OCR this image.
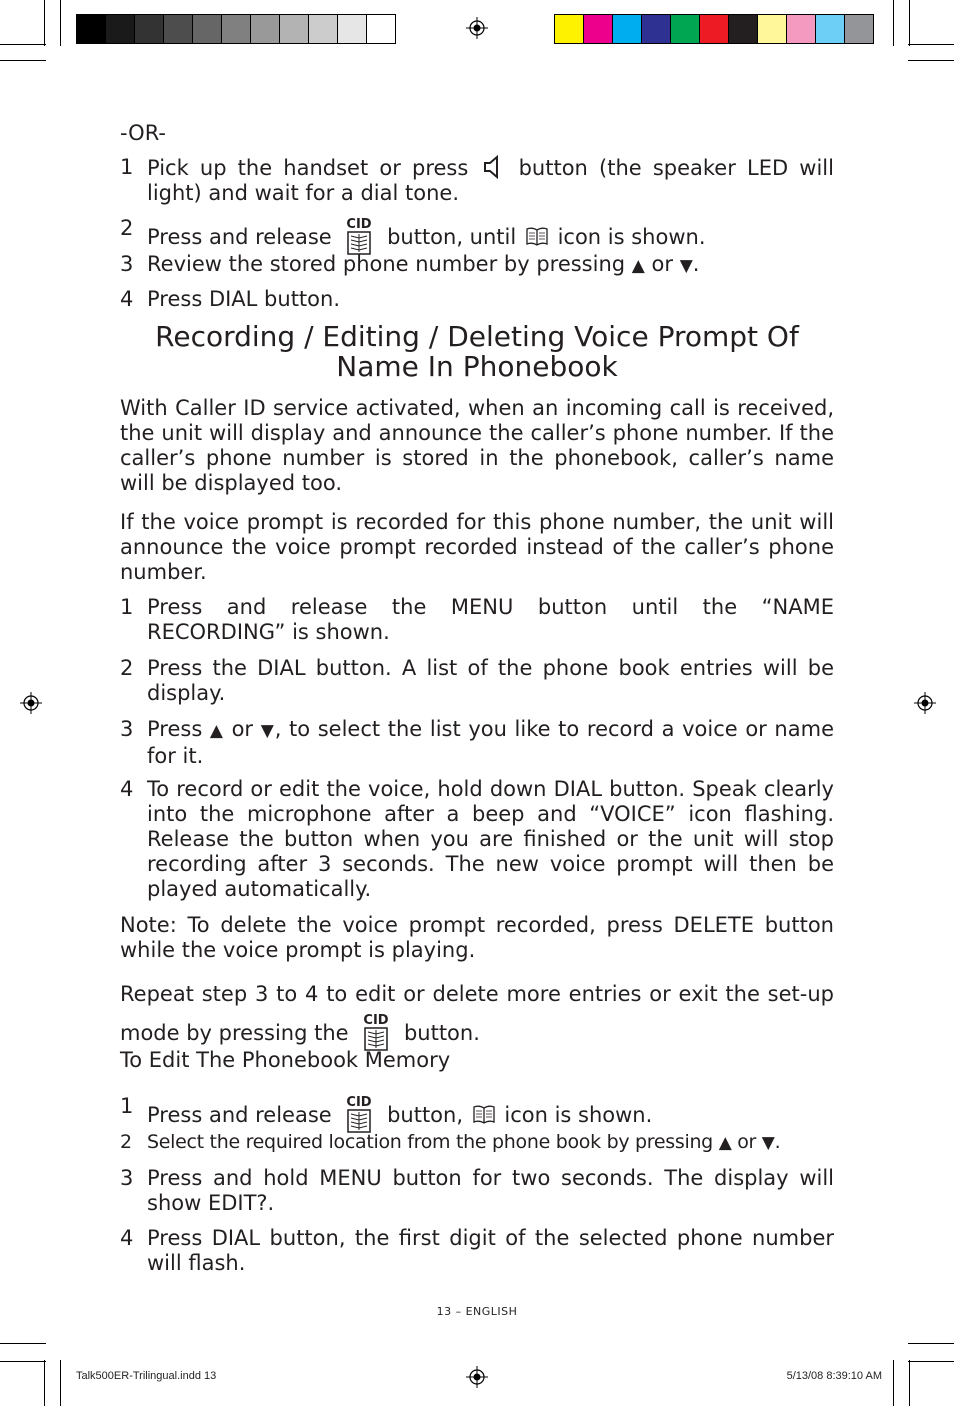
-OR-
1 Pick up the handset or press  button (the speaker LED will light) and wait for a dial tone.
2 Press and release
CID
button, until  icon is shown.
3 Review the stored phone number by pressing ▲ or ▼.
4 Press DIAL button.
Recording / Editing / Deleting Voice Prompt Of Name In Phonebook
With Caller ID service activated, when an incoming call is received, the unit will display and announce the caller’s phone number. If the caller’s phone number is stored in the phonebook, caller’s name will be displayed too.
If the voice prompt is recorded for this phone number, the unit will announce the voice prompt recorded instead of the caller’s phone number.
1 Press and release the MENU button until the “NAME RECORDING” is shown.
2 Press the DIAL button. A list of the phone book entries will be display.
3 Press ▲ or ▼, to select the list you like to record a voice or name for it.
4 To record or edit the voice, hold down DIAL button. Speak clearly into the microphone after a beep and “VOICE” icon flashing. Release the button when you are finished or the unit will stop recording after 3 seconds. The new voice prompt will then be played automatically.
Note: To delete the voice prompt recorded, press DELETE button while the voice prompt is playing.
Repeat step 3 to 4 to edit or delete more entries or exit the set-up mode by pressing the
CID
button.
To Edit The Phonebook Memory
1 Press and release
CID
button,  icon is shown.
2 Select the required location from the phone book by pressing ▲ or ▼.
3 Press and hold MENU button for two seconds. The display will show EDIT?.
4 Press DIAL button, the first digit of the selected phone number will flash.
13 – ENGLISH
Talk500ER-Trilingual.indd 13	5/13/08 8:39:10 AM
